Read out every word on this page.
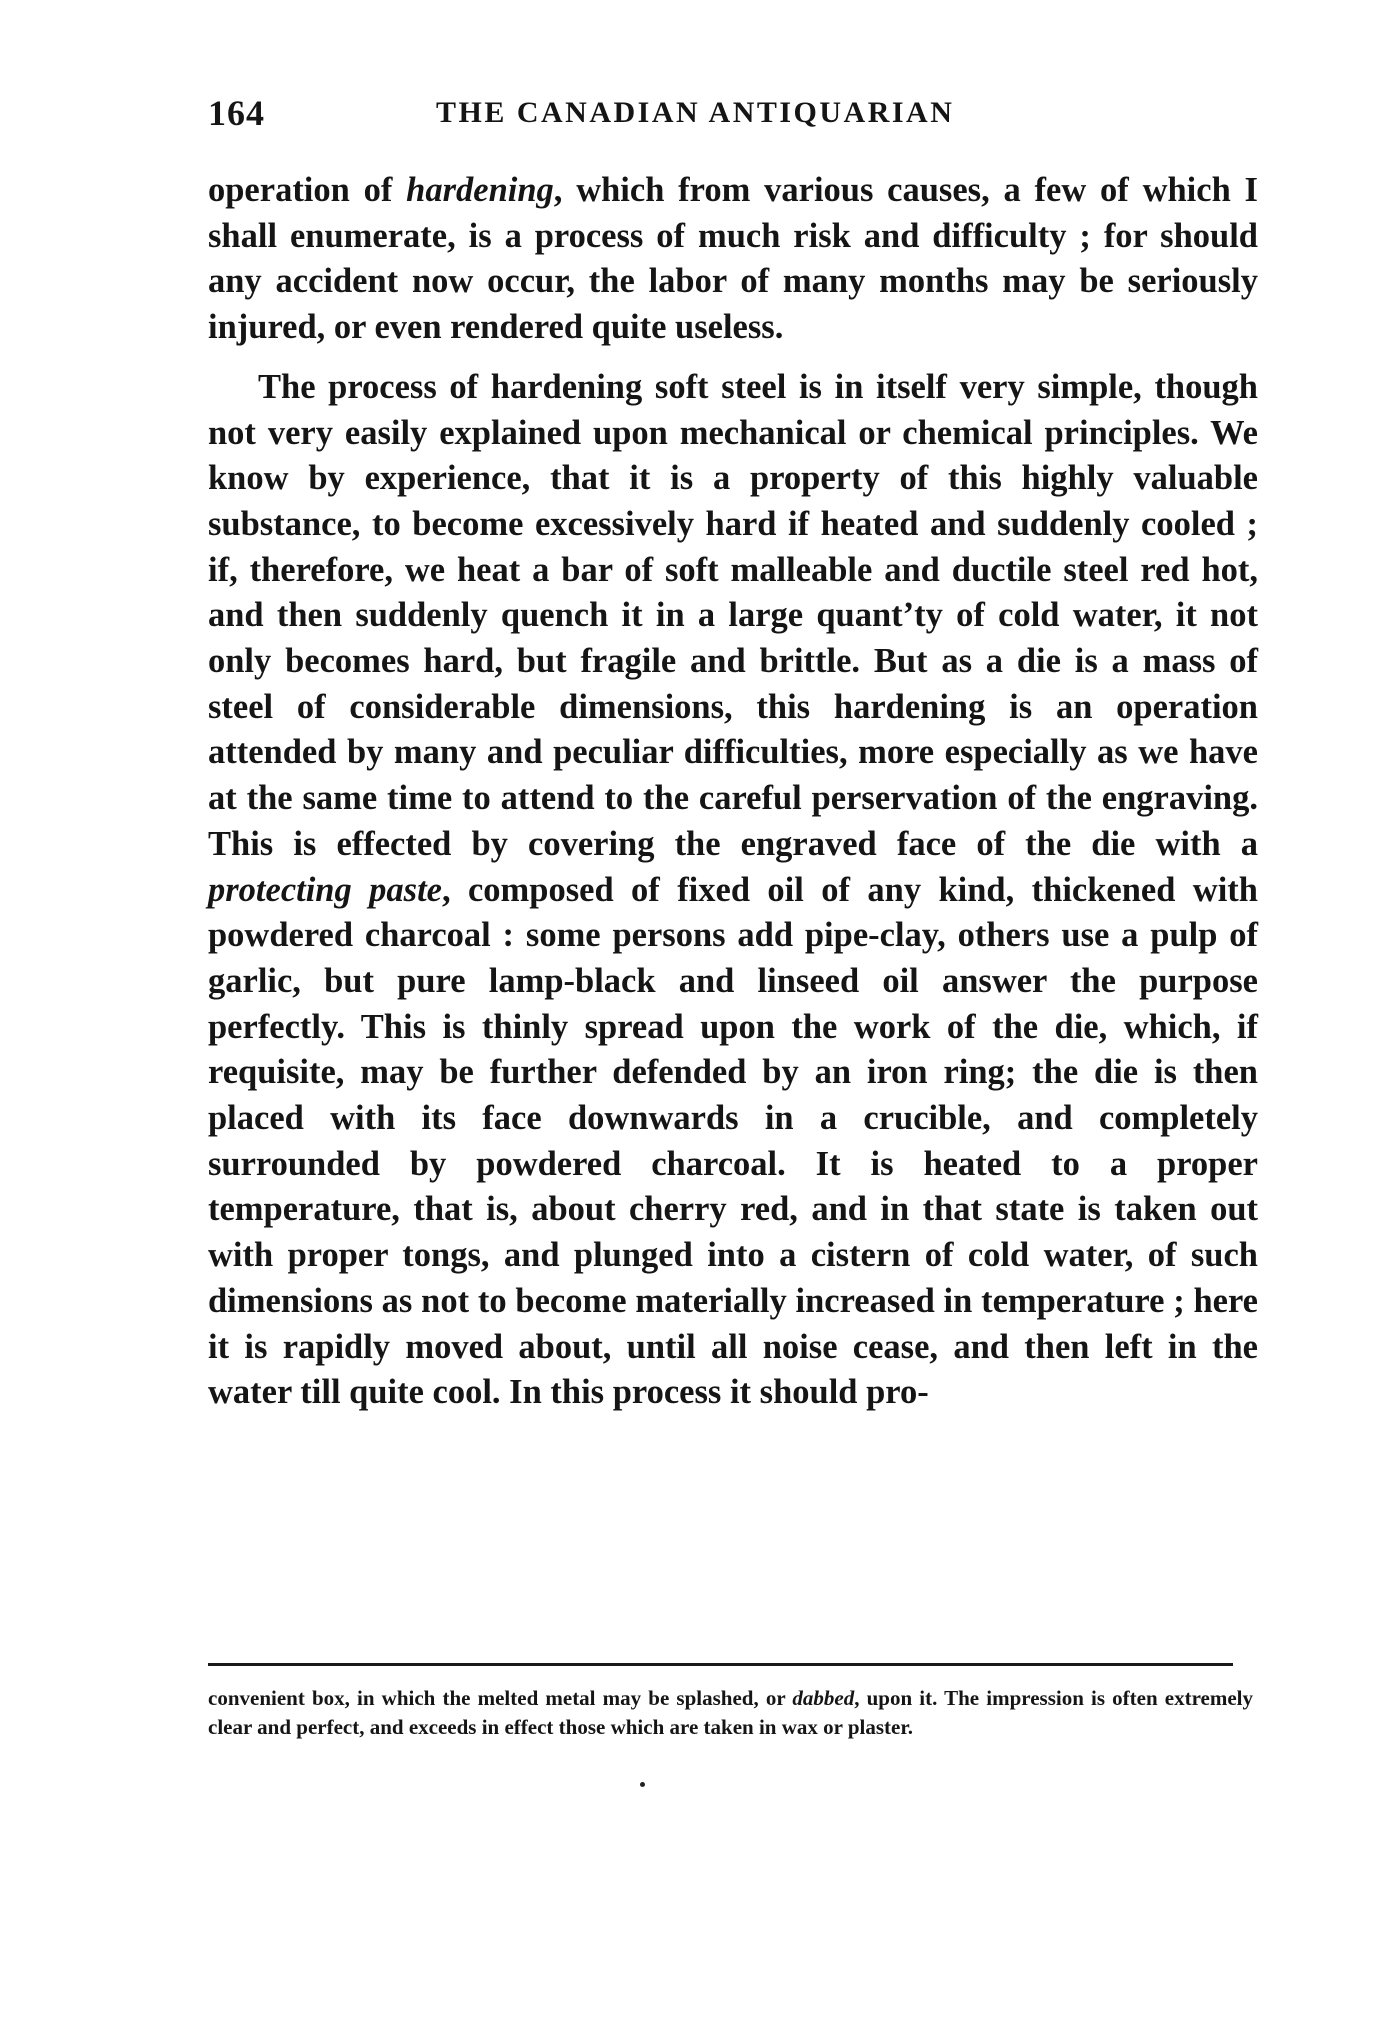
164	THE CANADIAN ANTIQUARIAN

operation of hardening, which from various causes, a few of which I shall enumerate, is a process of much risk and difficulty ; for should any accident now occur, the labor of many months may be seriously injured, or even rendered quite useless.

The process of hardening soft steel is in itself very simple, though not very easily explained upon mechanical or chemical principles. We know by experience, that it is a property of this highly valuable substance, to become excessively hard if heated and suddenly cooled ; if, therefore, we heat a bar of soft malleable and ductile steel red hot, and then suddenly quench it in a large quantʼty of cold water, it not only becomes hard, but fragile and brittle. But as a die is a mass of steel of considerable dimensions, this hardening is an operation attended by many and peculiar difficulties, more especially as we have at the same time to attend to the careful perservation of the engraving. This is effected by covering the engraved face of the die with a protecting paste, composed of fixed oil of any kind, thickened with powdered charcoal : some persons add pipe-clay, others use a pulp of garlic, but pure lamp-black and linseed oil answer the purpose perfectly. This is thinly spread upon the work of the die, which, if requisite, may be further defended by an iron ring; the die is then placed with its face downwards in a crucible, and completely surrounded by powdered charcoal. It is heated to a proper temperature, that is, about cherry red, and in that state is taken out with proper tongs, and plunged into a cistern of cold water, of such dimensions as not to become materially increased in temperature ; here it is rapidly moved about, until all noise cease, and then left in the water till quite cool. In this process it should pro-

convenient box, in which the melted metal may be splashed, or dabbed, upon it. The impression is often extremely clear and perfect, and exceeds in effect those which are taken in wax or plaster.
